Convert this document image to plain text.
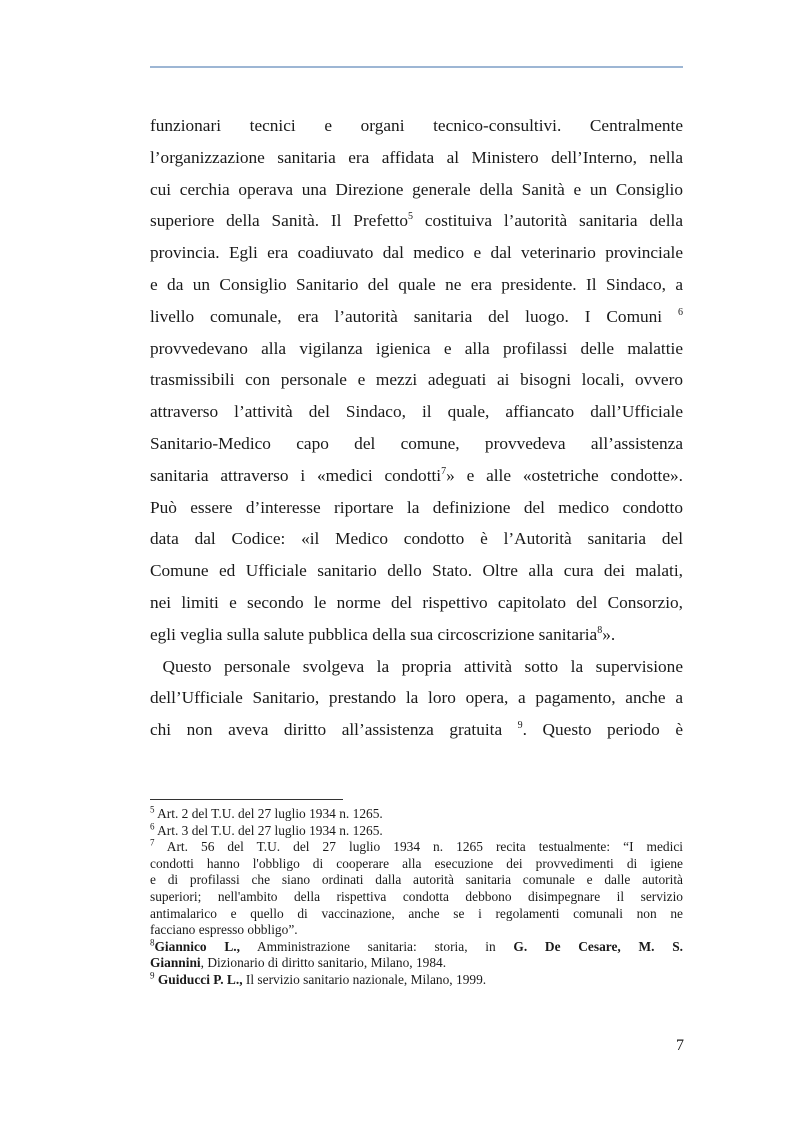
funzionari tecnici e organi tecnico-consultivi. Centralmente
l’organizzazione sanitaria era affidata al Ministero dell’Interno, nella
cui cerchia operava una Direzione generale della Sanità e un Consiglio
superiore della Sanità. Il Prefetto$^5$ costituiva l’autorità sanitaria della
provincia. Egli era coadiuvato dal medico e dal veterinario provinciale
e da un Consiglio Sanitario del quale ne era presidente. Il Sindaco, a
livello comunale, era l’autorità sanitaria del luogo. I Comuni $^6$
provvedevano alla vigilanza igienica e alla profilassi delle malattie
trasmissibili con personale e mezzi adeguati ai bisogni locali, ovvero
attraverso l’attività del Sindaco, il quale, affiancato dall’Ufficiale
Sanitario-Medico capo del comune, provvedeva all’assistenza
sanitaria attraverso i «medici condotti$^7$» e alle «ostetriche condotte».
Può essere d’interesse riportare la definizione del medico condotto
data dal Codice: «il Medico condotto è l’Autorità sanitaria del
Comune ed Ufficiale sanitario dello Stato. Oltre alla cura dei malati,
nei limiti e secondo le norme del rispettivo capitolato del Consorzio,
egli veglia sulla salute pubblica della sua circoscrizione sanitaria$^8$».
Questo personale svolgeva la propria attività sotto la supervisione
dell’Ufficiale Sanitario, prestando la loro opera, a pagamento, anche a
chi non aveva diritto all’assistenza gratuita $^9$. Questo periodo è
$^5$ Art. 2 del T.U. del 27 luglio 1934 n. 1265.
$^6$ Art. 3 del T.U. del 27 luglio 1934 n. 1265.
$^7$ Art. 56 del T.U. del 27 luglio 1934 n. 1265 recita testualmente: “I medici
condotti hanno l'obbligo di cooperare alla esecuzione dei provvedimenti di igiene
e di profilassi che siano ordinati dalla autorità sanitaria comunale e dalle autorità
superiori; nell'ambito della rispettiva condotta debbono disimpegnare il servizio
antimalarico e quello di vaccinazione, anche se i regolamenti comunali non ne
facciano espresso obbligo”.
$^8$Giannico L., Amministrazione sanitaria: storia, in G. De Cesare, M. S.
Giannini, Dizionario di diritto sanitario, Milano, 1984.
$^9$ Guiducci P. L., Il servizio sanitario nazionale, Milano, 1999.
7
